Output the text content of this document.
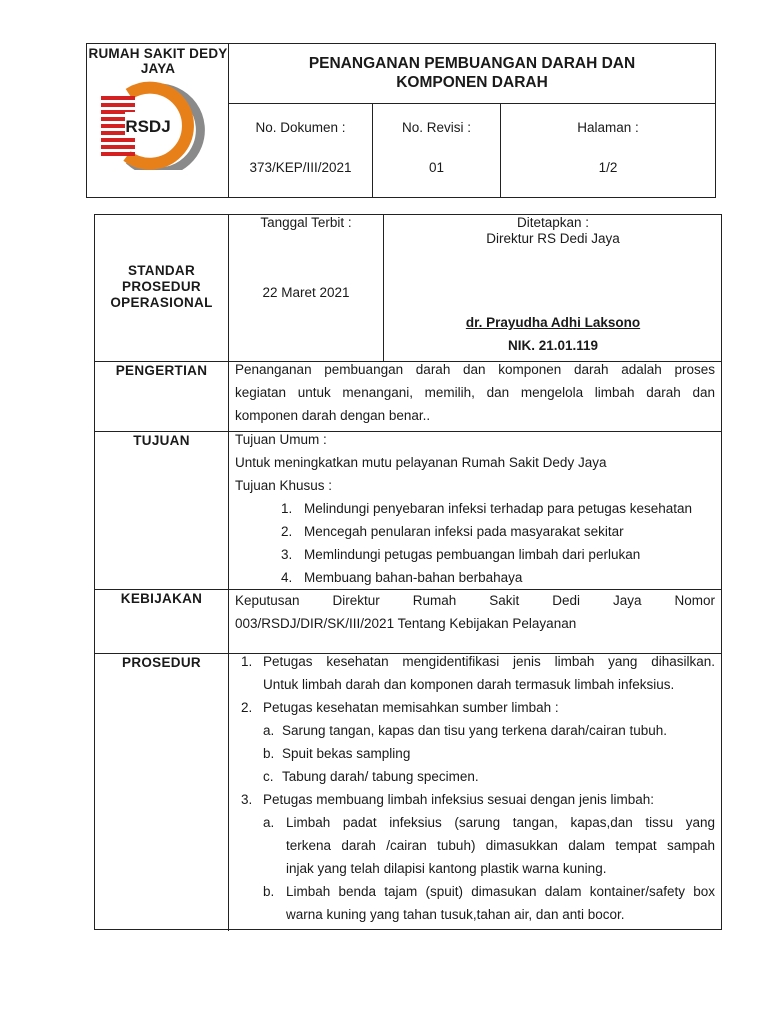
RUMAH SAKIT DEDY JAYA
RSDJ
PENANGANAN PEMBUANGAN DARAH DAN
KOMPONEN DARAH
No. Dokumen :
373/KEP/III/2021
No. Revisi :
01
Halaman :
1/2
STANDAR
PROSEDUR
OPERASIONAL
Tanggal Terbit :
22 Maret 2021
Ditetapkan :
Direktur RS Dedi Jaya
dr. Prayudha Adhi Laksono
NIK. 21.01.119
PENGERTIAN	Penanganan pembuangan darah dan komponen darah adalah proses
kegiatan untuk menangani, memilih, dan mengelola limbah darah dan
komponen darah dengan benar..
TUJUAN	Tujuan Umum :
Untuk meningkatkan mutu pelayanan Rumah Sakit Dedy Jaya
Tujuan Khusus :
1. Melindungi penyebaran infeksi terhadap para petugas kesehatan
2. Mencegah penularan infeksi pada masyarakat sekitar
3. Memlindungi petugas pembuangan limbah dari perlukan
4. Membuang bahan-bahan berbahaya
KEBIJAKAN	Keputusan Direktur Rumah Sakit Dedi Jaya Nomor
003/RSDJ/DIR/SK/III/2021 Tentang Kebijakan Pelayanan
PROSEDUR	1. Petugas kesehatan mengidentifikasi jenis limbah yang dihasilkan.
Untuk limbah darah dan komponen darah termasuk limbah infeksius.
2. Petugas kesehatan memisahkan sumber limbah :
a. Sarung tangan, kapas dan tisu yang terkena darah/cairan tubuh.
b. Spuit bekas sampling
c. Tabung darah/ tabung specimen.
3. Petugas membuang limbah infeksius sesuai dengan jenis limbah:
a. Limbah padat infeksius (sarung tangan, kapas,dan tissu yang
terkena darah /cairan tubuh) dimasukkan dalam tempat sampah
injak yang telah dilapisi kantong plastik warna kuning.
b. Limbah benda tajam (spuit) dimasukan dalam kontainer/safety box
warna kuning yang tahan tusuk,tahan air, dan anti bocor.
